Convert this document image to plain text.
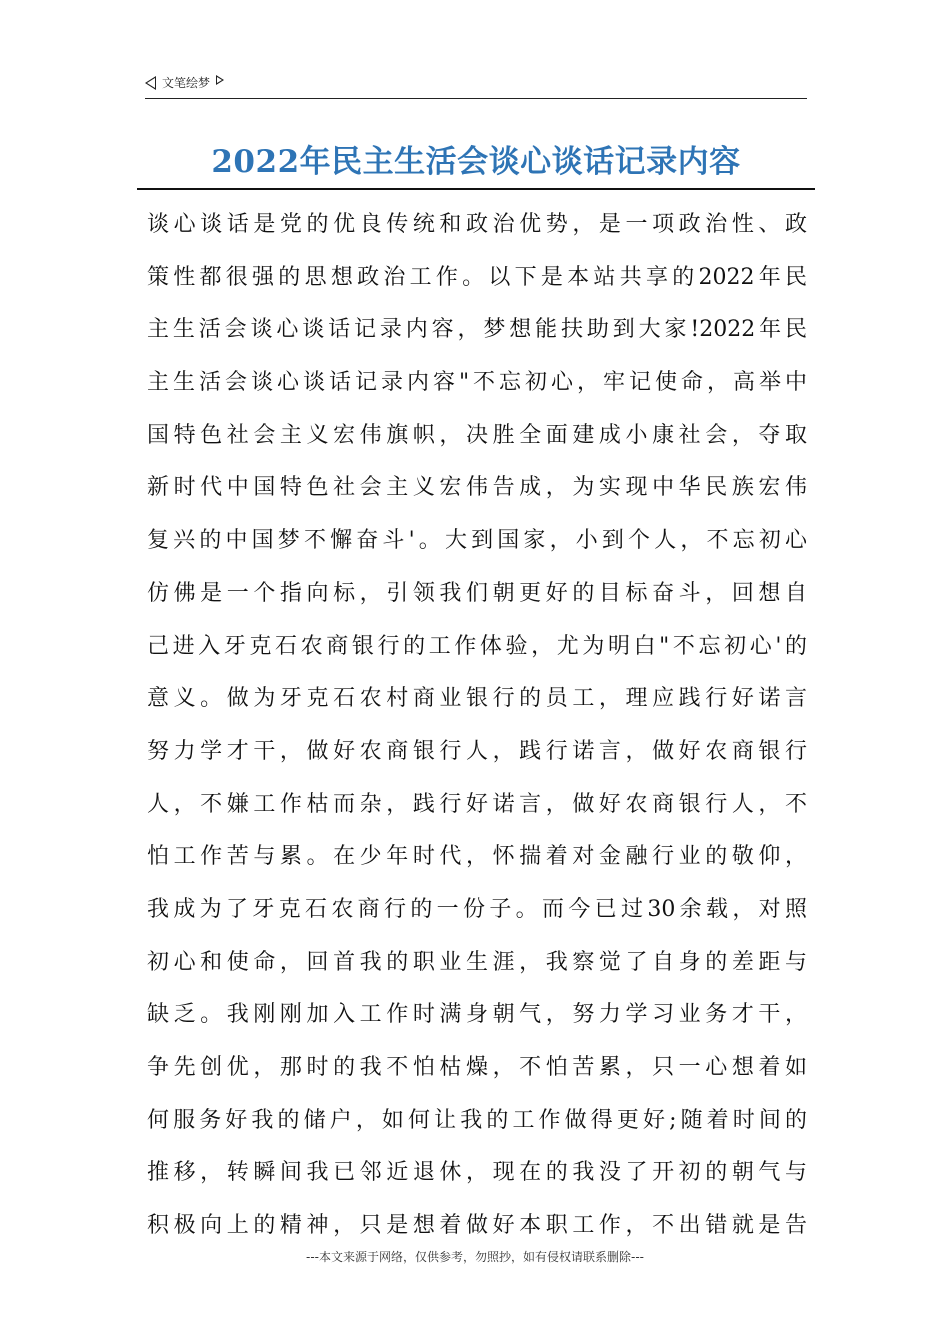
文笔绘梦
2022年民主生活会谈心谈话记录内容
谈心谈话是党的优良传统和政治优势，是一项政治性、政
策性都很强的思想政治工作。以下是本站共享的2022年民
主生活会谈心谈话记录内容，梦想能扶助到大家!2022年民
主生活会谈心谈话记录内容"不忘初心，牢记使命，高举中
国特色社会主义宏伟旗帜，决胜全面建成小康社会，夺取
新时代中国特色社会主义宏伟告成，为实现中华民族宏伟
复兴的中国梦不懈奋斗'。大到国家，小到个人，不忘初心
仿佛是一个指向标，引领我们朝更好的目标奋斗，回想自
己进入牙克石农商银行的工作体验，尤为明白"不忘初心'的
意义。做为牙克石农村商业银行的员工，理应践行好诺言
努力学才干，做好农商银行人，践行诺言，做好农商银行
人，不嫌工作枯而杂，践行好诺言，做好农商银行人，不
怕工作苦与累。在少年时代，怀揣着对金融行业的敬仰，
我成为了牙克石农商行的一份子。而今已过30余载，对照
初心和使命，回首我的职业生涯，我察觉了自身的差距与
缺乏。我刚刚加入工作时满身朝气，努力学习业务才干，
争先创优，那时的我不怕枯燥，不怕苦累，只一心想着如
何服务好我的储户，如何让我的工作做得更好;随着时间的
推移，转瞬间我已邻近退休，现在的我没了开初的朝气与
积极向上的精神，只是想着做好本职工作，不出错就是告
---本文来源于网络，仅供参考，勿照抄，如有侵权请联系删除---
